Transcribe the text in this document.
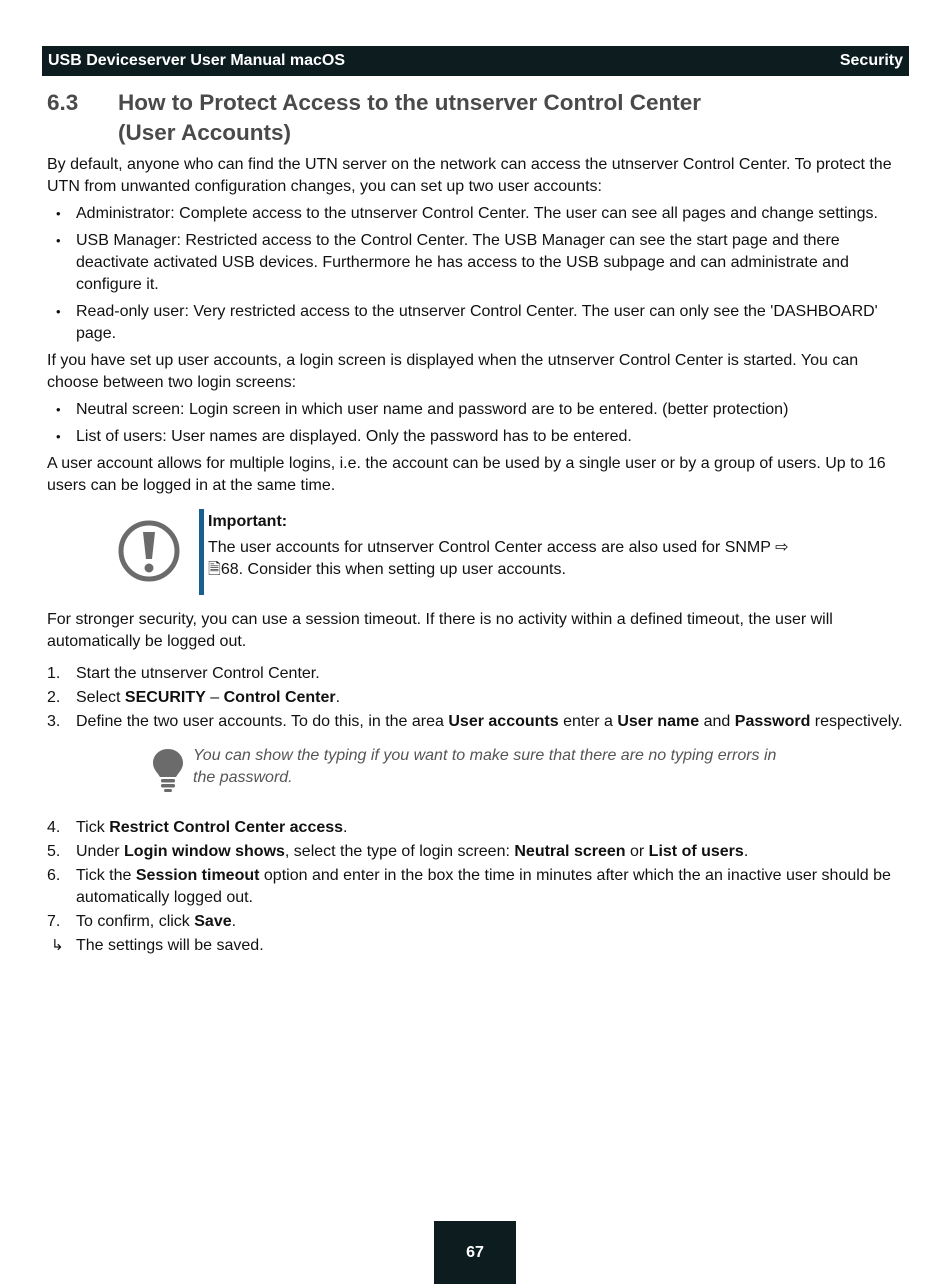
USB Deviceserver User Manual macOS	Security
6.3 How to Protect Access to the utnserver Control Center
(User Accounts)

By default, anyone who can find the UTN server on the network can access the utnserver Control Center. To protect the UTN from unwanted configuration changes, you can set up two user accounts:

• Administrator: Complete access to the utnserver Control Center. The user can see all pages and change settings.
• USB Manager: Restricted access to the Control Center. The USB Manager can see the start page and there deactivate activated USB devices. Furthermore he has access to the USB subpage and can administrate and configure it.
• Read-only user: Very restricted access to the utnserver Control Center. The user can only see the 'DASHBOARD' page.

If you have set up user accounts, a login screen is displayed when the utnserver Control Center is started. You can choose between two login screens:

• Neutral screen: Login screen in which user name and password are to be entered. (better protection)
• List of users: User names are displayed. Only the password has to be entered.

A user account allows for multiple logins, i.e. the account can be used by a single user or by a group of users. Up to 16 users can be logged in at the same time.

Important:
The user accounts for utnserver Control Center access are also used for SNMP ⇨
🗎68. Consider this when setting up user accounts.

For stronger security, you can use a session timeout. If there is no activity within a defined timeout, the user will automatically be logged out.

1. Start the utnserver Control Center.
2. Select SECURITY – Control Center.
3. Define the two user accounts. To do this, in the area User accounts enter a User name and Password respectively.
You can show the typing if you want to make sure that there are no typing errors in
the password.
4. Tick Restrict Control Center access.
5. Under Login window shows, select the type of login screen: Neutral screen or List of users.
6. Tick the Session timeout option and enter in the box the time in minutes after which the an inactive user should be automatically logged out.
7. To confirm, click Save.
↳ The settings will be saved.
67
